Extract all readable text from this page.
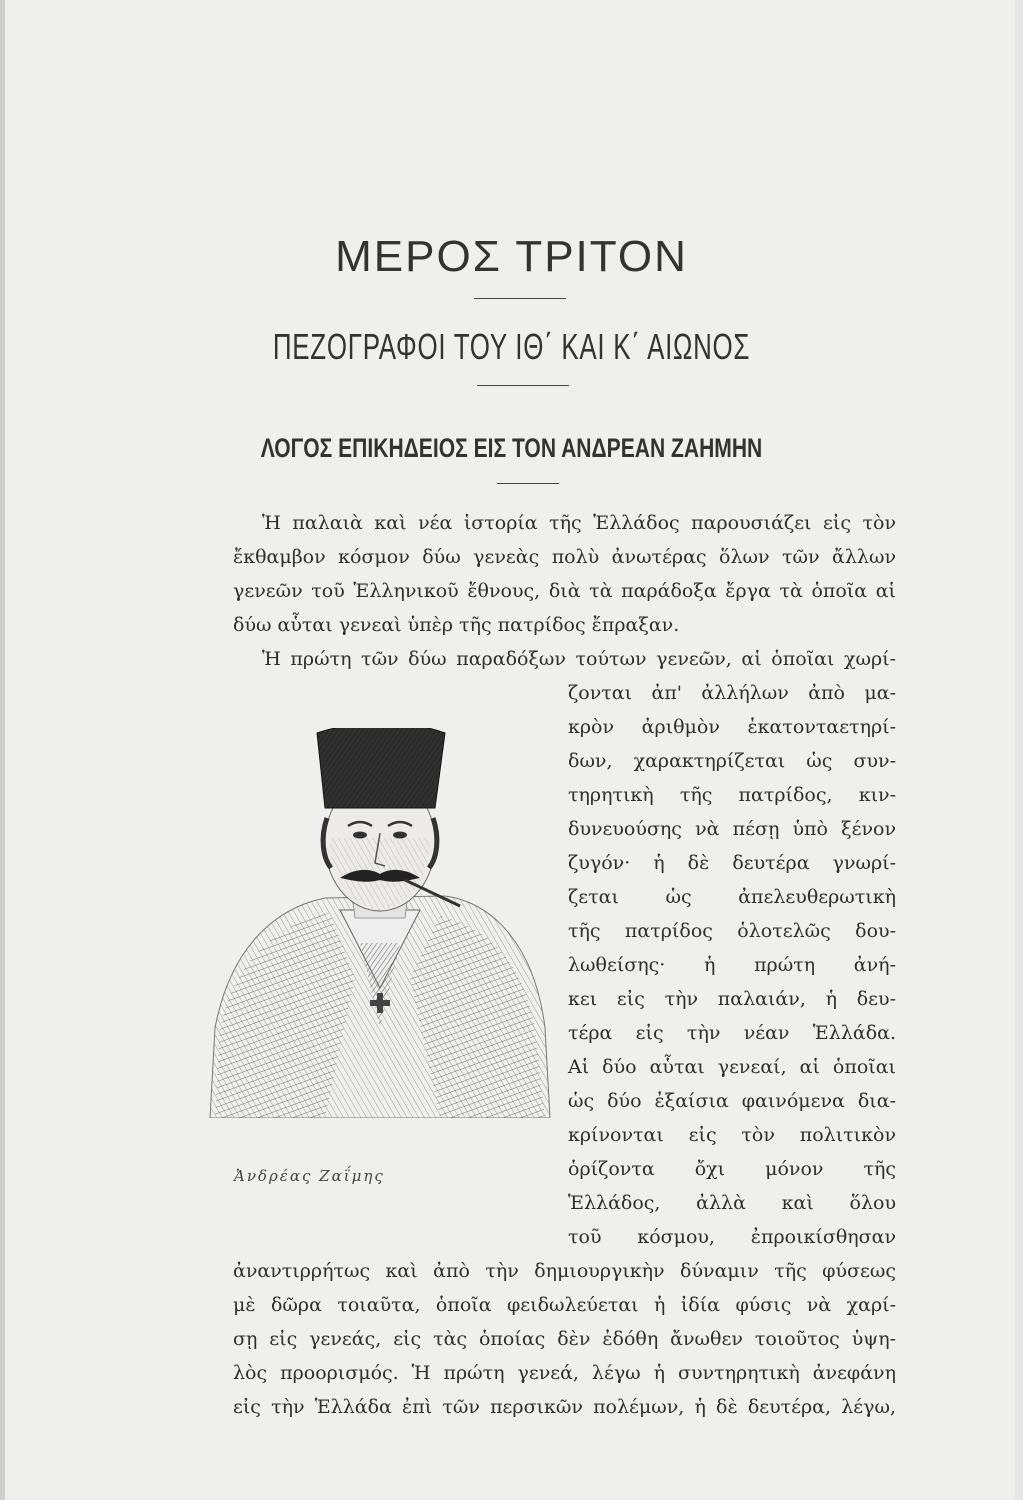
ΜΕΡΟΣ ΤΡΙΤΟΝ
ΠΕΖΟΓΡΑΦΟΙ ΤΟΥ ΙΘ΄ ΚΑΙ Κ΄ ΑΙΩΝΟΣ
ΛΟΓΟΣ ΕΠΙΚΗΔΕΙΟΣ ΕΙΣ ΤΟΝ ΑΝΔΡΕΑΝ ΖΑΗΜΗΝ
Ἀνδρέας Ζαΐμης
Ἡ παλαιὰ καὶ νέα ἱστορία τῆς Ἑλλάδος παρουσιάζει εἰς τὸν
ἔκθαμβον κόσμον δύω γενεὰς πολὺ ἀνωτέρας ὅλων τῶν ἄλλων
γενεῶν τοῦ Ἑλληνικοῦ ἔθνους, διὰ τὰ παράδοξα ἔργα τὰ ὁποῖα αἱ
δύω αὗται γενεαὶ ὑπὲρ τῆς πατρίδος ἔπραξαν.
Ἡ πρώτη τῶν δύω παραδόξων τούτων γενεῶν, αἱ ὁποῖαι χωρί-
ζονται ἀπ' ἀλλήλων ἀπὸ μα-
κρὸν ἀριθμὸν ἑκατονταετηρί-
δων, χαρακτηρίζεται ὡς συν-
τηρητικὴ τῆς πατρίδος, κιν-
δυνευούσης νὰ πέσῃ ὑπὸ ξένον
ζυγόν· ἡ δὲ δευτέρα γνωρί-
ζεται ὡς ἀπελευθερωτικὴ
τῆς πατρίδος ὁλοτελῶς δου-
λωθείσης· ἡ πρώτη ἀνή-
κει εἰς τὴν παλαιάν, ἡ δευ-
τέρα εἰς τὴν νέαν Ἑλλάδα.
Αἱ δύο αὗται γενεαί, αἱ ὁποῖαι
ὡς δύο ἐξαίσια φαινόμενα δια-
κρίνονται εἰς τὸν πολιτικὸν
ὁρίζοντα ὄχι μόνον τῆς
Ἑλλάδος, ἀλλὰ καὶ ὅλου
τοῦ κόσμου, ἐπροικίσθησαν
ἀναντιρρήτως καὶ ἀπὸ τὴν δημιουργικὴν δύναμιν τῆς φύσεως
μὲ δῶρα τοιαῦτα, ὁποῖα φειδωλεύεται ἡ ἰδία φύσις νὰ χαρί-
σῃ εἰς γενεάς, εἰς τὰς ὁποίας δὲν ἐδόθη ἄνωθεν τοιοῦτος ὑψη-
λὸς προορισμός. Ἡ πρώτη γενεά, λέγω ἡ συντηρητικὴ ἀνεφάνη
εἰς τὴν Ἑλλάδα ἐπὶ τῶν περσικῶν πολέμων, ἡ δὲ δευτέρα, λέγω,
